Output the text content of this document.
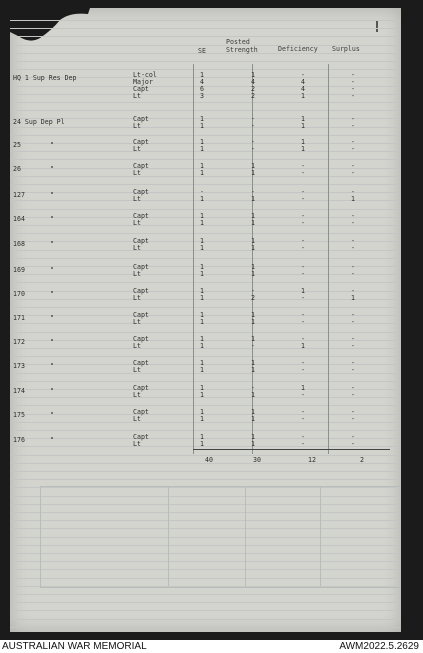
SE
Posted
Strength	Deficiency Surplus
HQ 1 Sup Res Dep	Lt-col	1	1	-	-
Major	4	4	4	-
Capt	6	2	4	-
Lt	3	2	1	-
24 Sup Dep Pl	Capt	1	-	1	-
Lt	1	-	1	-
25	"	Capt	1	-	1	-
Lt	1	-	1	-
26	"	Capt	1	1	-	-
Lt	1	1	-	-
127	"	Capt	-	-	-	-
Lt	1	1	-	1
164	"	Capt	1	1	-	-
Lt	1	1	-	-
168	"	Capt	1	1	-	-
Lt	1	1	-	-
169	"	Capt	1	1	-	-
Lt	1	1	-	-
170	"	Capt	1	-	1	-
Lt	1	2	-	1
171	"	Capt	1	1	-	-
Lt	1	1	-	-
172	"	Capt	1	1	-	-
Lt	1	-	1	-
173	"	Capt	1	1	-	-
Lt	1	1	-	-
174	"	Capt	1	-	1	-
Lt	1	1	-	-
175	"	Capt	1	1	-	-
Lt	1	1	-	-
176	"	Capt	1	1	-	-
Lt	1	1	-	-
40	30	12	2
AUSTRALIAN WAR MEMORIAL	AWM2022.5.2629
